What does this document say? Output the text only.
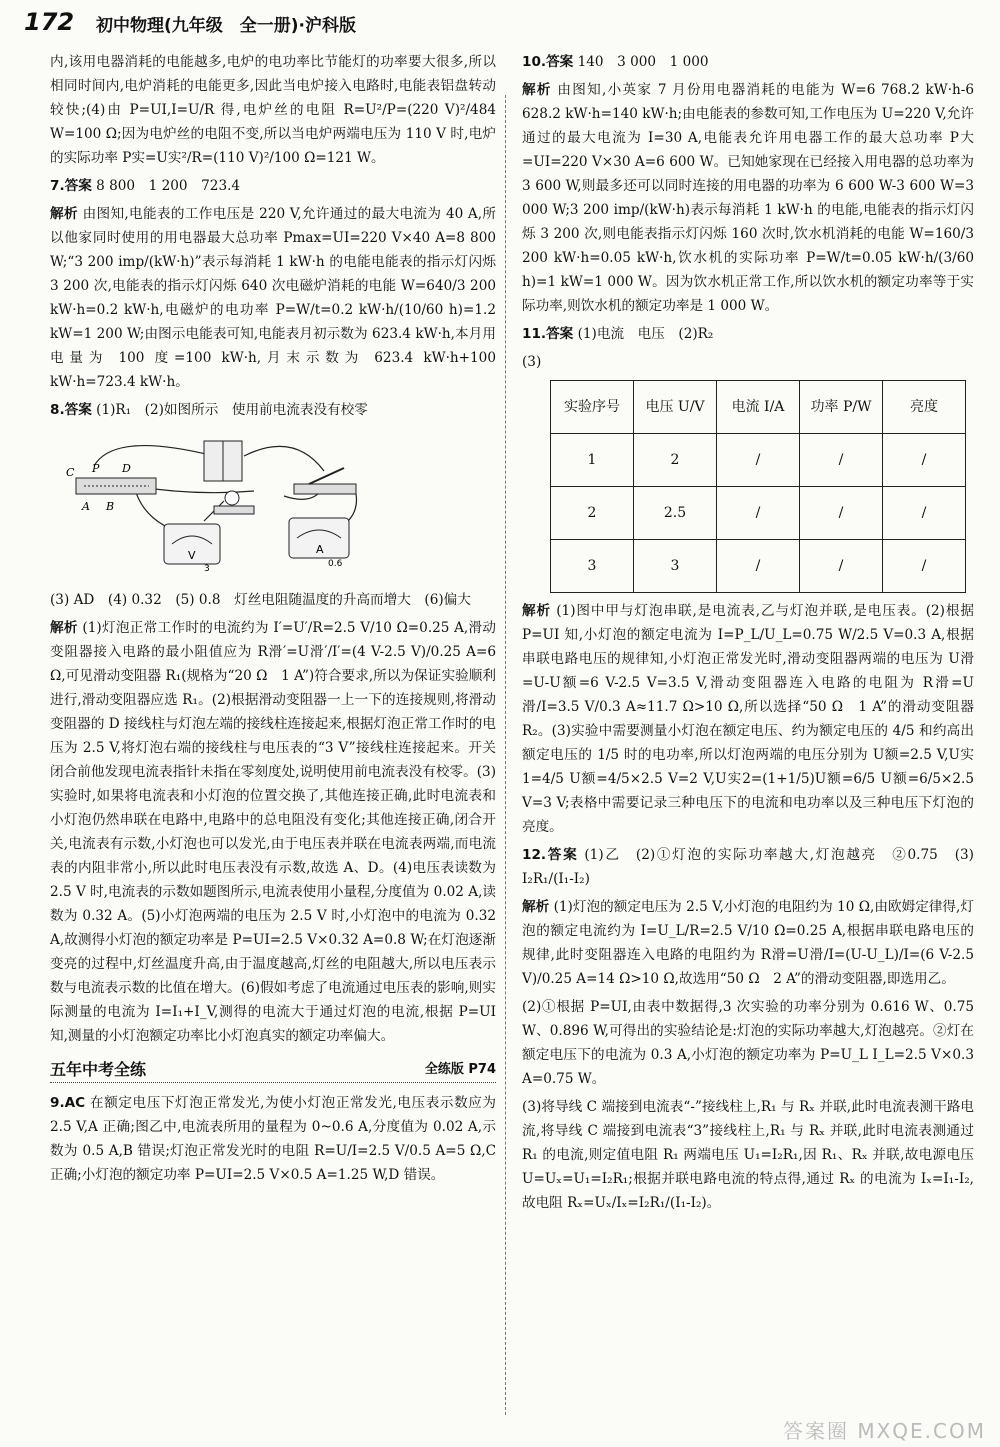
172 初中物理(九年级　全一册)·沪科版

内,该用电器消耗的电能越多,电炉的电功率比节能灯的功率要大很多,所以相同时间内,电炉消耗的电能更多,因此当电炉接入电路时,电能表铝盘转动较快;(4)由 P=UI,I=U/R 得,电炉丝的电阻 R=U²/P=(220 V)²/484 W=100 Ω;因为电炉丝的电阻不变,所以当电炉两端电压为 110 V 时,电炉的实际功率 P实=U实²/R=(110 V)²/100 Ω=121 W。

7.答案 8 800　1 200　723.4

解析 由图知,电能表的工作电压是 220 V,允许通过的最大电流为 40 A,所以他家同时使用的用电器最大总功率 Pmax=UI=220 V×40 A=8 800 W;“3 200 imp/(kW·h)”表示每消耗 1 kW·h 的电能电能表的指示灯闪烁 3 200 次,电能表的指示灯闪烁 640 次电磁炉消耗的电能 W=640/3 200 kW·h=0.2 kW·h,电磁炉的电功率 P=W/t=0.2 kW·h/(10/60 h)=1.2 kW=1 200 W;由图示电能表可知,电能表月初示数为 623.4 kW·h,本月用电量为 100 度=100 kW·h,月末示数为 623.4 kW·h+100 kW·h=723.4 kW·h。

8.答案 (1)R₁　(2)如图所示　使用前电流表没有校零

C P D
A B
V	A
0.6
3

(3) AD　(4) 0.32　(5) 0.8　灯丝电阻随温度的升高而增大　(6)偏大

解析 (1)灯泡正常工作时的电流约为 I′=U′/R=2.5 V/10 Ω=0.25 A,滑动变阻器接入电路的最小阻值应为 R滑′=U滑′/I′=(4 V-2.5 V)/0.25 A=6 Ω,可见滑动变阻器 R₁(规格为“20 Ω　1 A”)符合要求,所以为保证实验顺利进行,滑动变阻器应选 R₁。(2)根据滑动变阻器一上一下的连接规则,将滑动变阻器的 D 接线柱与灯泡左端的接线柱连接起来,根据灯泡正常工作时的电压为 2.5 V,将灯泡右端的接线柱与电压表的“3 V”接线柱连接起来。开关闭合前他发现电流表指针未指在零刻度处,说明使用前电流表没有校零。(3)实验时,如果将电流表和小灯泡的位置交换了,其他连接正确,此时电流表和小灯泡仍然串联在电路中,电路中的总电阻没有变化;其他连接正确,闭合开关,电流表有示数,小灯泡也可以发光,由于电压表并联在电流表两端,而电流表的内阻非常小,所以此时电压表没有示数,故选 A、D。(4)电压表读数为 2.5 V 时,电流表的示数如题图所示,电流表使用小量程,分度值为 0.02 A,读数为 0.32 A。(5)小灯泡两端的电压为 2.5 V 时,小灯泡中的电流为 0.32 A,故测得小灯泡的额定功率是 P=UI=2.5 V×0.32 A=0.8 W;在灯泡逐渐变亮的过程中,灯丝温度升高,由于温度越高,灯丝的电阻越大,所以电压表示数与电流表示数的比值在增大。(6)假如考虑了电流通过电压表的影响,则实际测量的电流为 I=I₁+I_V,测得的电流大于通过灯泡的电流,根据 P=UI 知,测量的小灯泡额定功率比小灯泡真实的额定功率偏大。

五年中考全练	全练版 P74

9.AC 在额定电压下灯泡正常发光,为使小灯泡正常发光,电压表示数应为 2.5 V,A 正确;图乙中,电流表所用的量程为 0~0.6 A,分度值为 0.02 A,示数为 0.5 A,B 错误;灯泡正常发光时的电阻 R=U/I=2.5 V/0.5 A=5 Ω,C 正确;小灯泡的额定功率 P=UI=2.5 V×0.5 A=1.25 W,D 错误。

10.答案 140　3 000　1 000

解析 由图知,小英家 7 月份用电器消耗的电能为 W=6 768.2 kW·h-6 628.2 kW·h=140 kW·h;由电能表的参数可知,工作电压为 U=220 V,允许通过的最大电流为 I=30 A,电能表允许用电器工作的最大总功率 P大=UI=220 V×30 A=6 600 W。已知她家现在已经接入用电器的总功率为 3 600 W,则最多还可以同时连接的用电器的功率为 6 600 W-3 600 W=3 000 W;3 200 imp/(kW·h)表示每消耗 1 kW·h 的电能,电能表的指示灯闪烁 3 200 次,则电能表指示灯闪烁 160 次时,饮水机消耗的电能 W=160/3 200 kW·h=0.05 kW·h,饮水机的实际功率 P=W/t=0.05 kW·h/(3/60 h)=1 kW=1 000 W。因为饮水机正常工作,所以饮水机的额定功率等于实际功率,则饮水机的额定功率是 1 000 W。

11.答案 (1)电流　电压　(2)R₂

(3)

实验序号	电压 U/V	电流 I/A	功率 P/W	亮度
1	2	/	/	/
2	2.5	/	/	/
3	3	/	/	/

解析 (1)图中甲与灯泡串联,是电流表,乙与灯泡并联,是电压表。(2)根据 P=UI 知,小灯泡的额定电流为 I=P_L/U_L=0.75 W/2.5 V=0.3 A,根据串联电路电压的规律知,小灯泡正常发光时,滑动变阻器两端的电压为 U滑=U-U额=6 V-2.5 V=3.5 V,滑动变阻器连入电路的电阻为 R滑=U滑/I=3.5 V/0.3 A≈11.7 Ω>10 Ω,所以选择“50 Ω　1 A”的滑动变阻器 R₂。(3)实验中需要测量小灯泡在额定电压、约为额定电压的 4/5 和约高出额定电压的 1/5 时的电功率,所以灯泡两端的电压分别为 U额=2.5 V,U实1=4/5 U额=4/5×2.5 V=2 V,U实2=(1+1/5)U额=6/5 U额=6/5×2.5 V=3 V;表格中需要记录三种电压下的电流和电功率以及三种电压下灯泡的亮度。

12.答案 (1)乙　(2)①灯泡的实际功率越大,灯泡越亮　②0.75　(3) I₂R₁/(I₁-I₂)

解析 (1)灯泡的额定电压为 2.5 V,小灯泡的电阻约为 10 Ω,由欧姆定律得,灯泡的额定电流约为 I=U_L/R=2.5 V/10 Ω=0.25 A,根据串联电路电压的规律,此时变阻器连入电路的电阻约为 R滑=U滑/I=(U-U_L)/I=(6 V-2.5 V)/0.25 A=14 Ω>10 Ω,故选用“50 Ω　2 A”的滑动变阻器,即选用乙。

(2)①根据 P=UI,由表中数据得,3 次实验的功率分别为 0.616 W、0.75 W、0.896 W,可得出的实验结论是:灯泡的实际功率越大,灯泡越亮。②灯在额定电压下的电流为 0.3 A,小灯泡的额定功率为 P=U_L I_L=2.5 V×0.3 A=0.75 W。

(3)将导线 C 端接到电流表“-”接线柱上,R₁ 与 Rₓ 并联,此时电流表测干路电流,将导线 C 端接到电流表“3”接线柱上,R₁ 与 Rₓ 并联,此时电流表测通过 R₁ 的电流,则定值电阻 R₁ 两端电压 U₁=I₂R₁,因 R₁、Rₓ 并联,故电源电压 U=Uₓ=U₁=I₂R₁;根据并联电路电流的特点得,通过 Rₓ 的电流为 Iₓ=I₁-I₂,故电阻 Rₓ=Uₓ/Iₓ=I₂R₁/(I₁-I₂)。

答案圈 MXQE.COM
